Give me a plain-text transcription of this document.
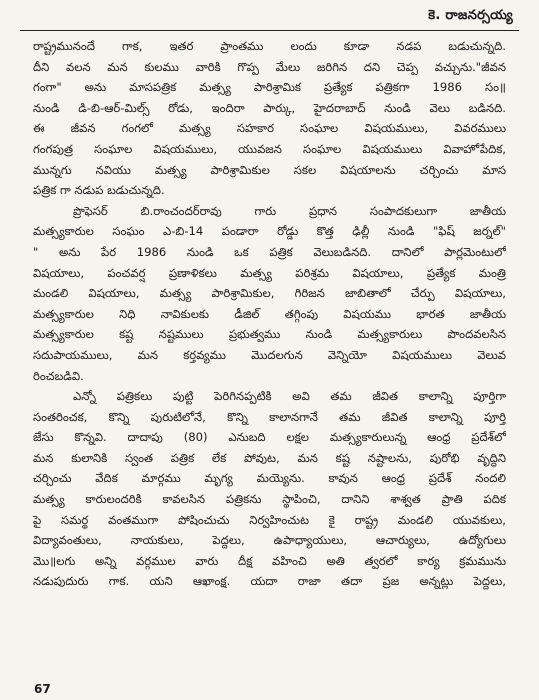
కె. రాజనర్సయ్య
రాష్ట్రమునందే గాక, ఇతర ప్రాంతము లందు కూడా నడప బడుచున్నది.
దీని వలన మన కులము వారికి గొప్ప మేలు జరిగిన దని చెప్ప వచ్చును."జీవన
గంగా" అను మాసపత్రిక మత్స్య పారిశ్రామిక ప్రత్యేక పత్రికగా 1986 సం॥
నుండి డి-బి-ఆర్-మిల్స్ రోడు, ఇందిరా పార్కు, హైదరాబాద్ నుండి వెలు బడినది.
ఈ జీవన గంగలో మత్స్య సహకార సంఘాల విషయములు, వివరములు
గంగపుత్ర సంఘాల విషయములు, యువజన సంఘాల విషయములు వివాహోపేదిక,
మున్నగు నవియు మత్స్య పారిశ్రామికుల సకల విషయాలను చర్చించు మాస
పత్రిక గా నడుప బడుచున్నది.
ప్రొఫెసర్ బి.రాంచందర్‌రావు గారు ప్రధాన సంపాదకులుగా జాతీయ
మత్స్యకారుల సంఘం ఎ-బి-14 పండారా రోడ్డు కొత్త ఢిల్లీ నుండి "ఫిష్ జర్నల్"
" అను పేర 1986 నుండి ఒక పత్రిక వెలుబడినది. దానిలో పార్లమెంటులో
విషయాలు, పంచవర్ష ప్రణాళికలు మత్స్య పరిశ్రమ విషయాలు, ప్రత్యేక మంత్రి
మండలి విషయాలు, మత్స్య పారిశ్రామికుల, గిరిజన జాబితాలో చేర్పు విషయాలు,
మత్స్యకారుల నిధి నావికులకు డీజిల్ తగ్గింపు విషయము భారత జాతీయ
మత్స్యకారుల కష్ట నష్టములు ప్రభుత్వము నుండి మత్స్యకారులు పొందవలసిన
సదుపాయములు, మన కర్తవ్యము మొదలగున వెన్నియో విషయములు వెలువ
రించబడివి.
ఎన్నో పత్రికలు పుట్టి పెరిగినప్పటికి అవి తమ జీవిత కాలాన్ని పూర్తిగా
సంతరించక, కొన్ని పురుటిలోనే, కొన్ని కాలానగానే తమ జీవిత కాలాన్ని పూర్తి
జేసు కొన్నవి. దాదాపు (80) ఎనుబది లక్షల మత్స్యకారులున్న ఆంధ్ర ప్రదేశ్‌లో
మన కులానికి స్వంత పత్రిక లేక పోవుట, మన కష్ట నష్టాలను, పురోభి వృద్ధిని
చర్చించు వేదిక మార్గము మృగ్య మయ్యెను. కావున ఆంధ్ర ప్రదేశ్ నందలి
మత్స్య కారులందరికి కావలసిన పత్రికను స్థాపించి, దానిని శాశ్వత ప్రాతి పదిక
పై సమర్థ వంతముగా పోషించుచు నిర్వహించుట కై రాష్ట్ర మండలి యువకులు,
విద్యావంతులు, నాయకులు, పెద్దలు, ఉపాధ్యాయులు, ఆచార్యులు, ఉద్యోగులు
మొ॥లగు అన్ని వర్గముల వారు దీక్ష వహించి అతి త్వరలో కార్య క్రమమును
నడుపుదురు గాక. యని ఆఖాంక్ష. యదా రాజా తదా ప్రజ అన్నట్లు పెద్దలు,
67
